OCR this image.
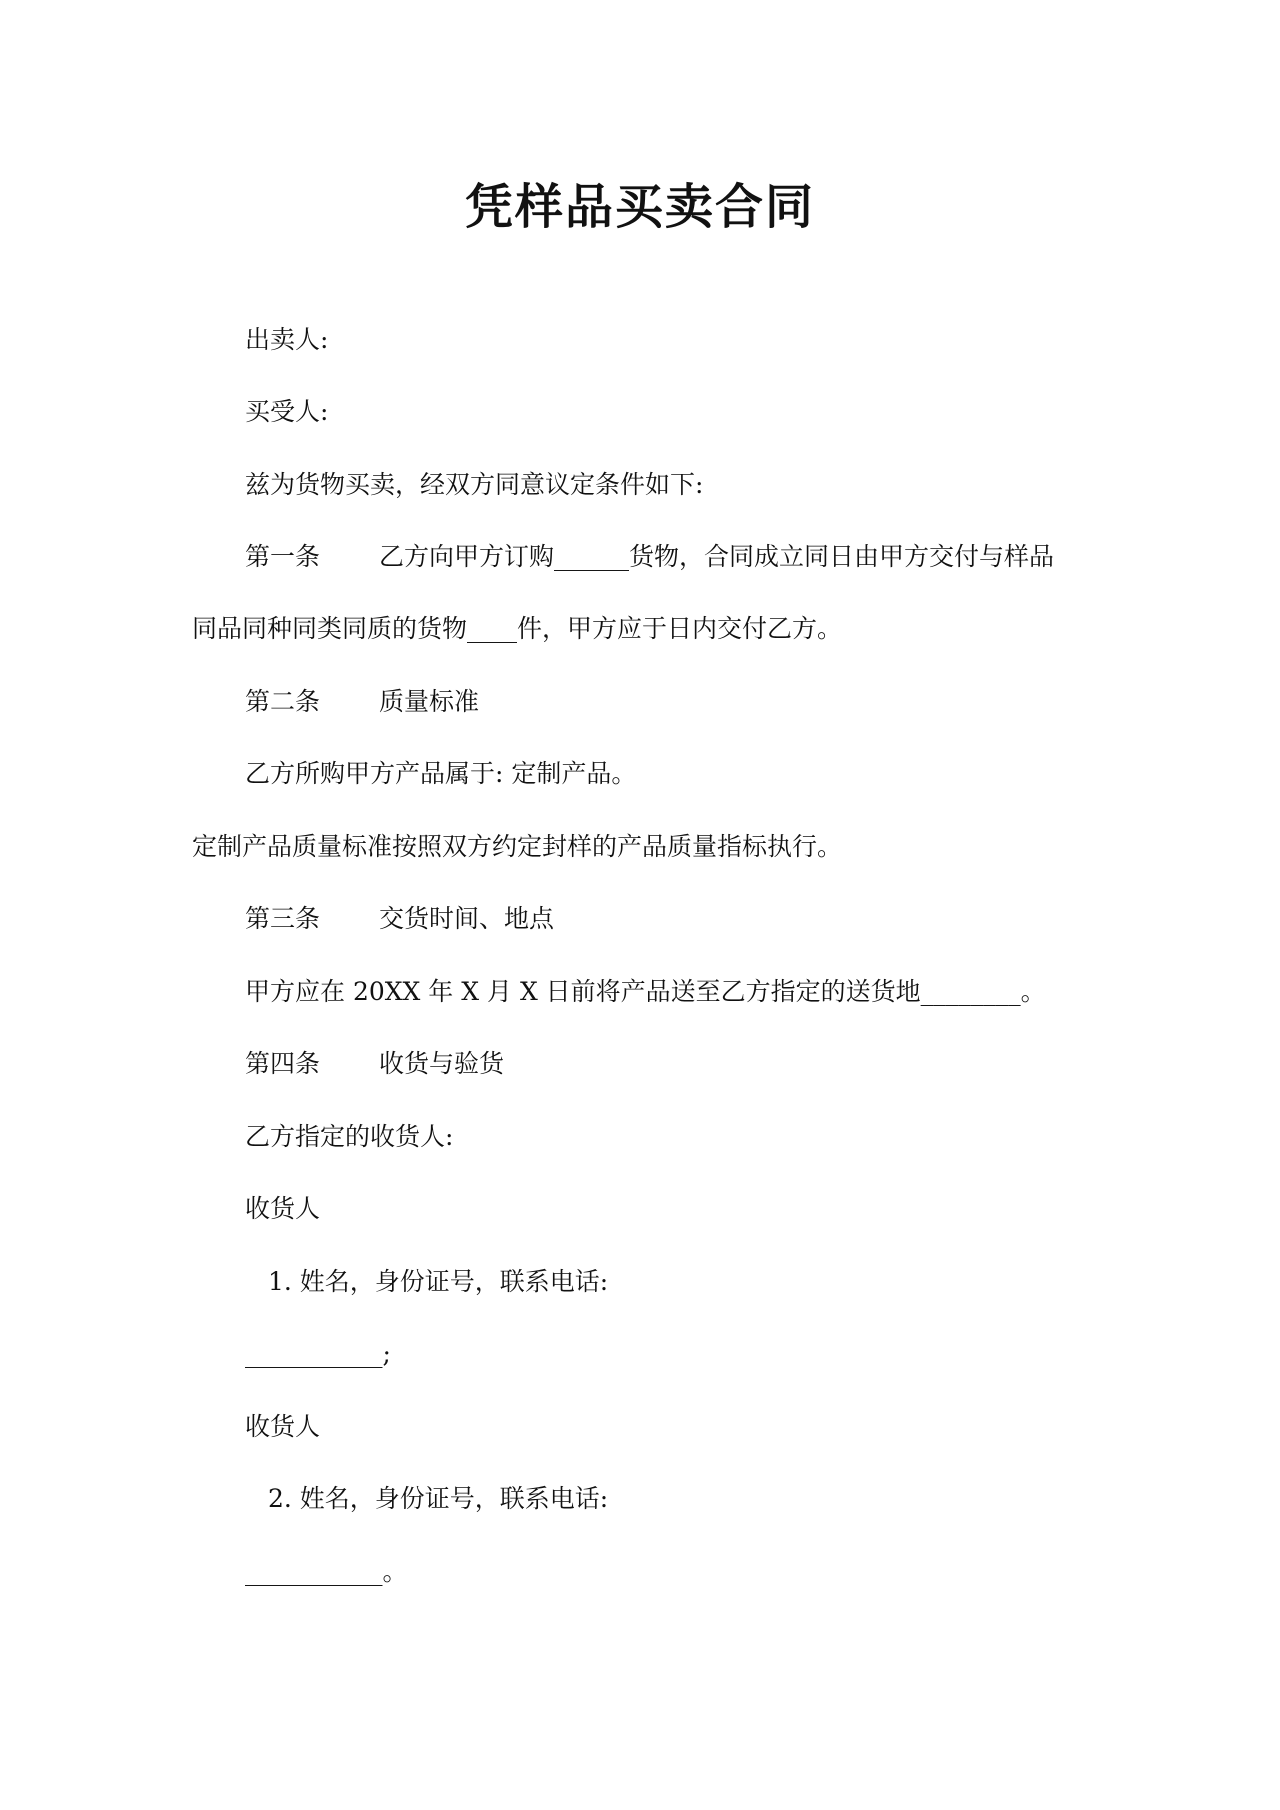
凭样品买卖合同
出卖人:
买受人:
兹为货物买卖，经双方同意议定条件如下:
第一条 乙方向甲方订购______货物，合同成立同日由甲方交付与样品
同品同种同类同质的货物____件，甲方应于日内交付乙方。
第二条 质量标准
乙方所购甲方产品属于: 定制产品。
定制产品质量标准按照双方约定封样的产品质量指标执行。
第三条 交货时间、地点
甲方应在 20XX 年 X 月 X 日前将产品送至乙方指定的送货地________。
第四条 收货与验货
乙方指定的收货人:
收货人
1. 姓名，身份证号，联系电话:
___________;
收货人
2. 姓名，身份证号，联系电话:
___________。
